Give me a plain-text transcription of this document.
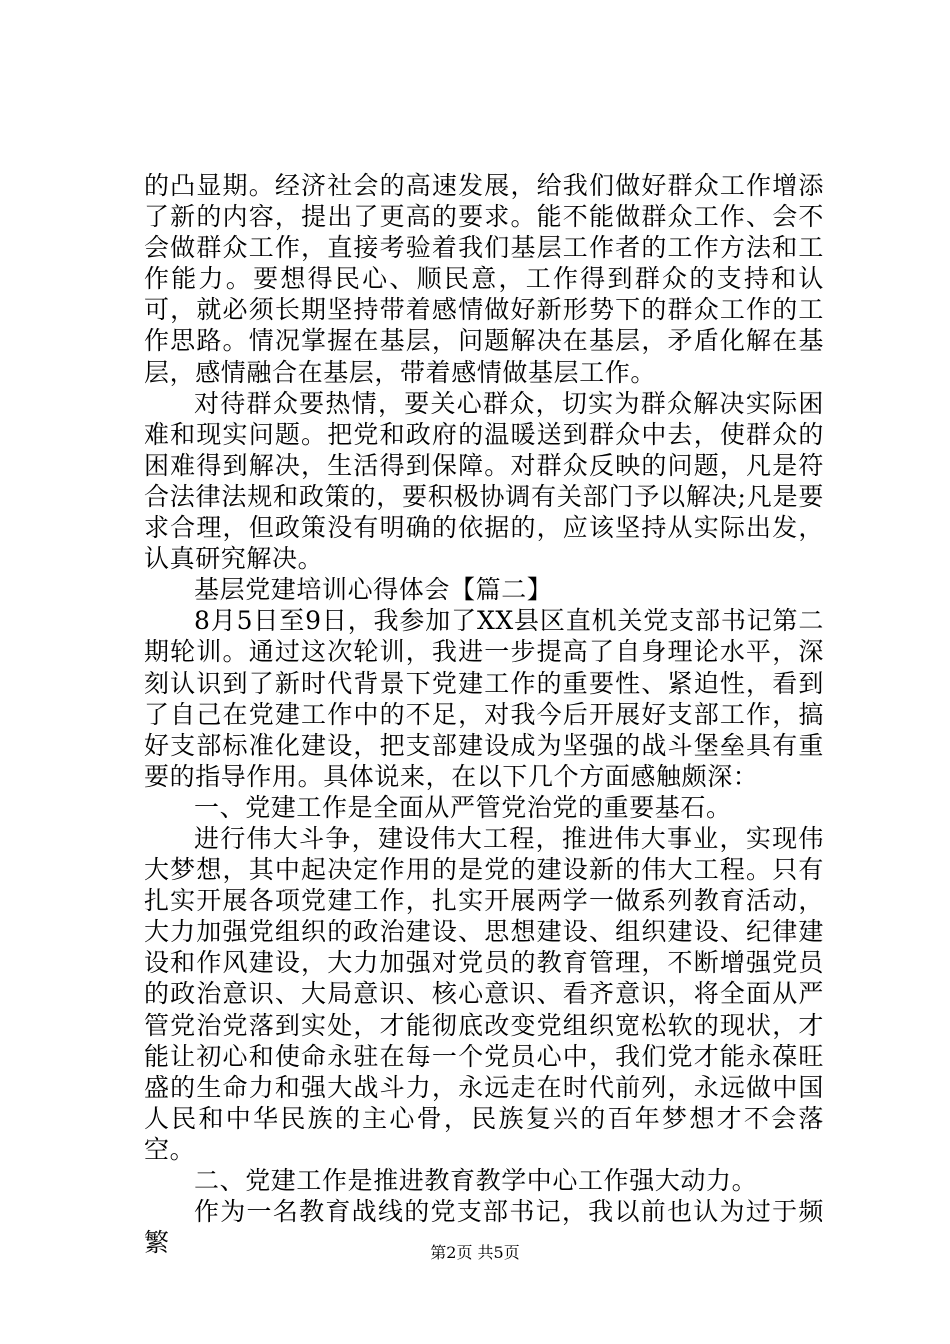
的凸显期。经济社会的高速发展，给我们做好群众工作增添了新的内容，提出了更高的要求。能不能做群众工作、会不会做群众工作，直接考验着我们基层工作者的工作方法和工作能力。要想得民心、顺民意，工作得到群众的支持和认可，就必须长期坚持带着感情做好新形势下的群众工作的工作思路。情况掌握在基层，问题解决在基层，矛盾化解在基层，感情融合在基层，带着感情做基层工作。

对待群众要热情，要关心群众，切实为群众解决实际困难和现实问题。把党和政府的温暖送到群众中去，使群众的困难得到解决，生活得到保障。对群众反映的问题，凡是符合法律法规和政策的，要积极协调有关部门予以解决;凡是要求合理，但政策没有明确的依据的，应该坚持从实际出发，认真研究解决。

基层党建培训心得体会【篇二】

8月5日至9日，我参加了XX县区直机关党支部书记第二期轮训。通过这次轮训，我进一步提高了自身理论水平，深刻认识到了新时代背景下党建工作的重要性、紧迫性，看到了自己在党建工作中的不足，对我今后开展好支部工作，搞好支部标准化建设，把支部建设成为坚强的战斗堡垒具有重要的指导作用。具体说来，在以下几个方面感触颇深：

一、党建工作是全面从严管党治党的重要基石。

进行伟大斗争，建设伟大工程，推进伟大事业，实现伟大梦想，其中起决定作用的是党的建设新的伟大工程。只有扎实开展各项党建工作，扎实开展两学一做系列教育活动，大力加强党组织的政治建设、思想建设、组织建设、纪律建设和作风建设，大力加强对党员的教育管理，不断增强党员的政治意识、大局意识、核心意识、看齐意识，将全面从严管党治党落到实处，才能彻底改变党组织宽松软的现状，才能让初心和使命永驻在每一个党员心中，我们党才能永葆旺盛的生命力和强大战斗力，永远走在时代前列，永远做中国人民和中华民族的主心骨，民族复兴的百年梦想才不会落空。

二、党建工作是推进教育教学中心工作强大动力。

作为一名教育战线的党支部书记，我以前也认为过于频繁	第2页 共5页
